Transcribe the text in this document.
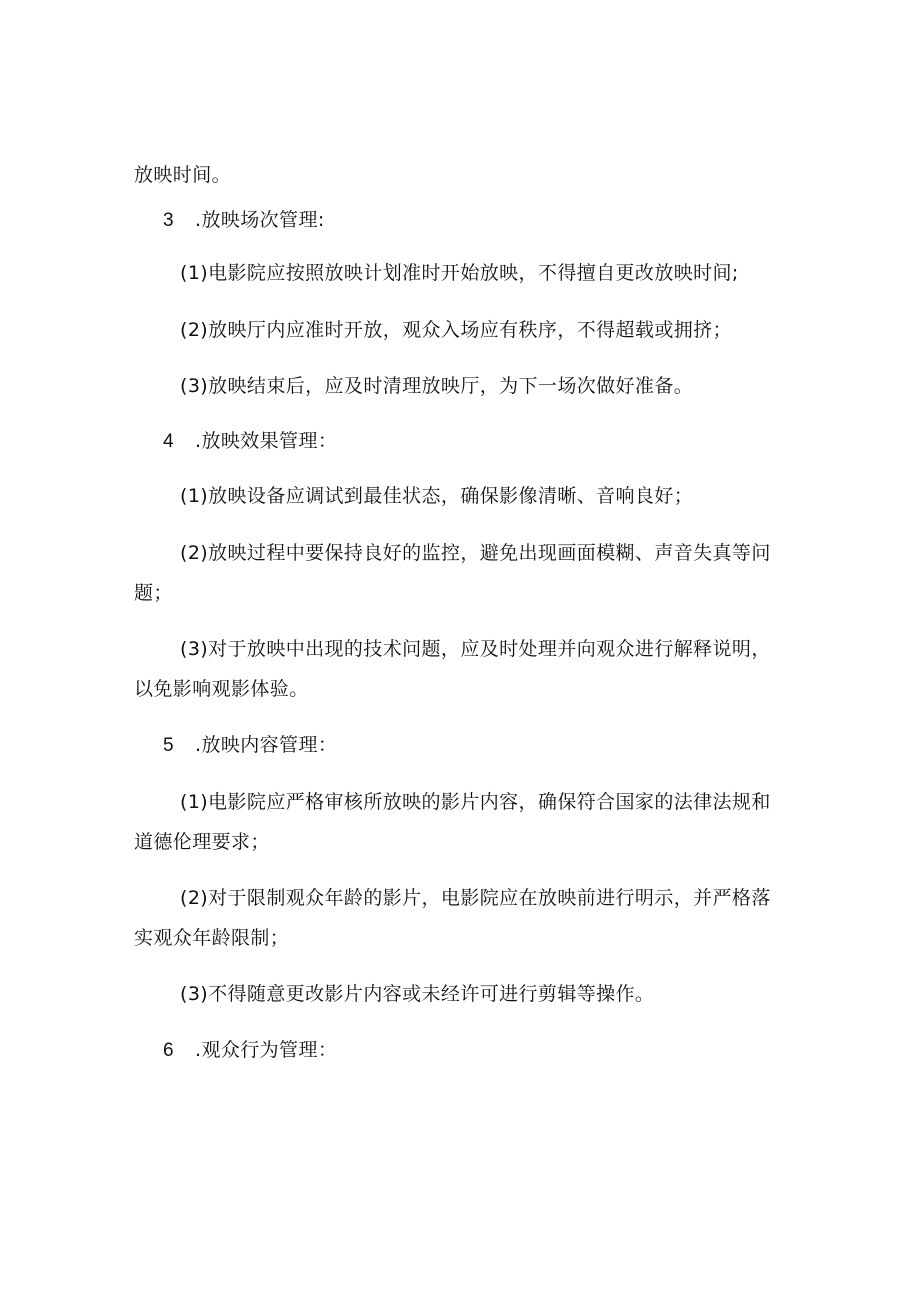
放映时间。
3 .放映场次管理:
(1)电影院应按照放映计划准时开始放映，不得擅自更改放映时间;
(2)放映厅内应准时开放，观众入场应有秩序，不得超载或拥挤；
(3)放映结束后，应及时清理放映厅，为下一场次做好准备。
4 .放映效果管理：
(1)放映设备应调试到最佳状态，确保影像清晰、音响良好；
(2)放映过程中要保持良好的监控，避免出现画面模糊、声音失真等问
题；
(3)对于放映中出现的技术问题，应及时处理并向观众进行解释说明，
以免影响观影体验。
5 .放映内容管理：
(1)电影院应严格审核所放映的影片内容，确保符合国家的法律法规和
道德伦理要求；
(2)对于限制观众年龄的影片，电影院应在放映前进行明示，并严格落
实观众年龄限制；
(3)不得随意更改影片内容或未经许可进行剪辑等操作。
6 .观众行为管理：
